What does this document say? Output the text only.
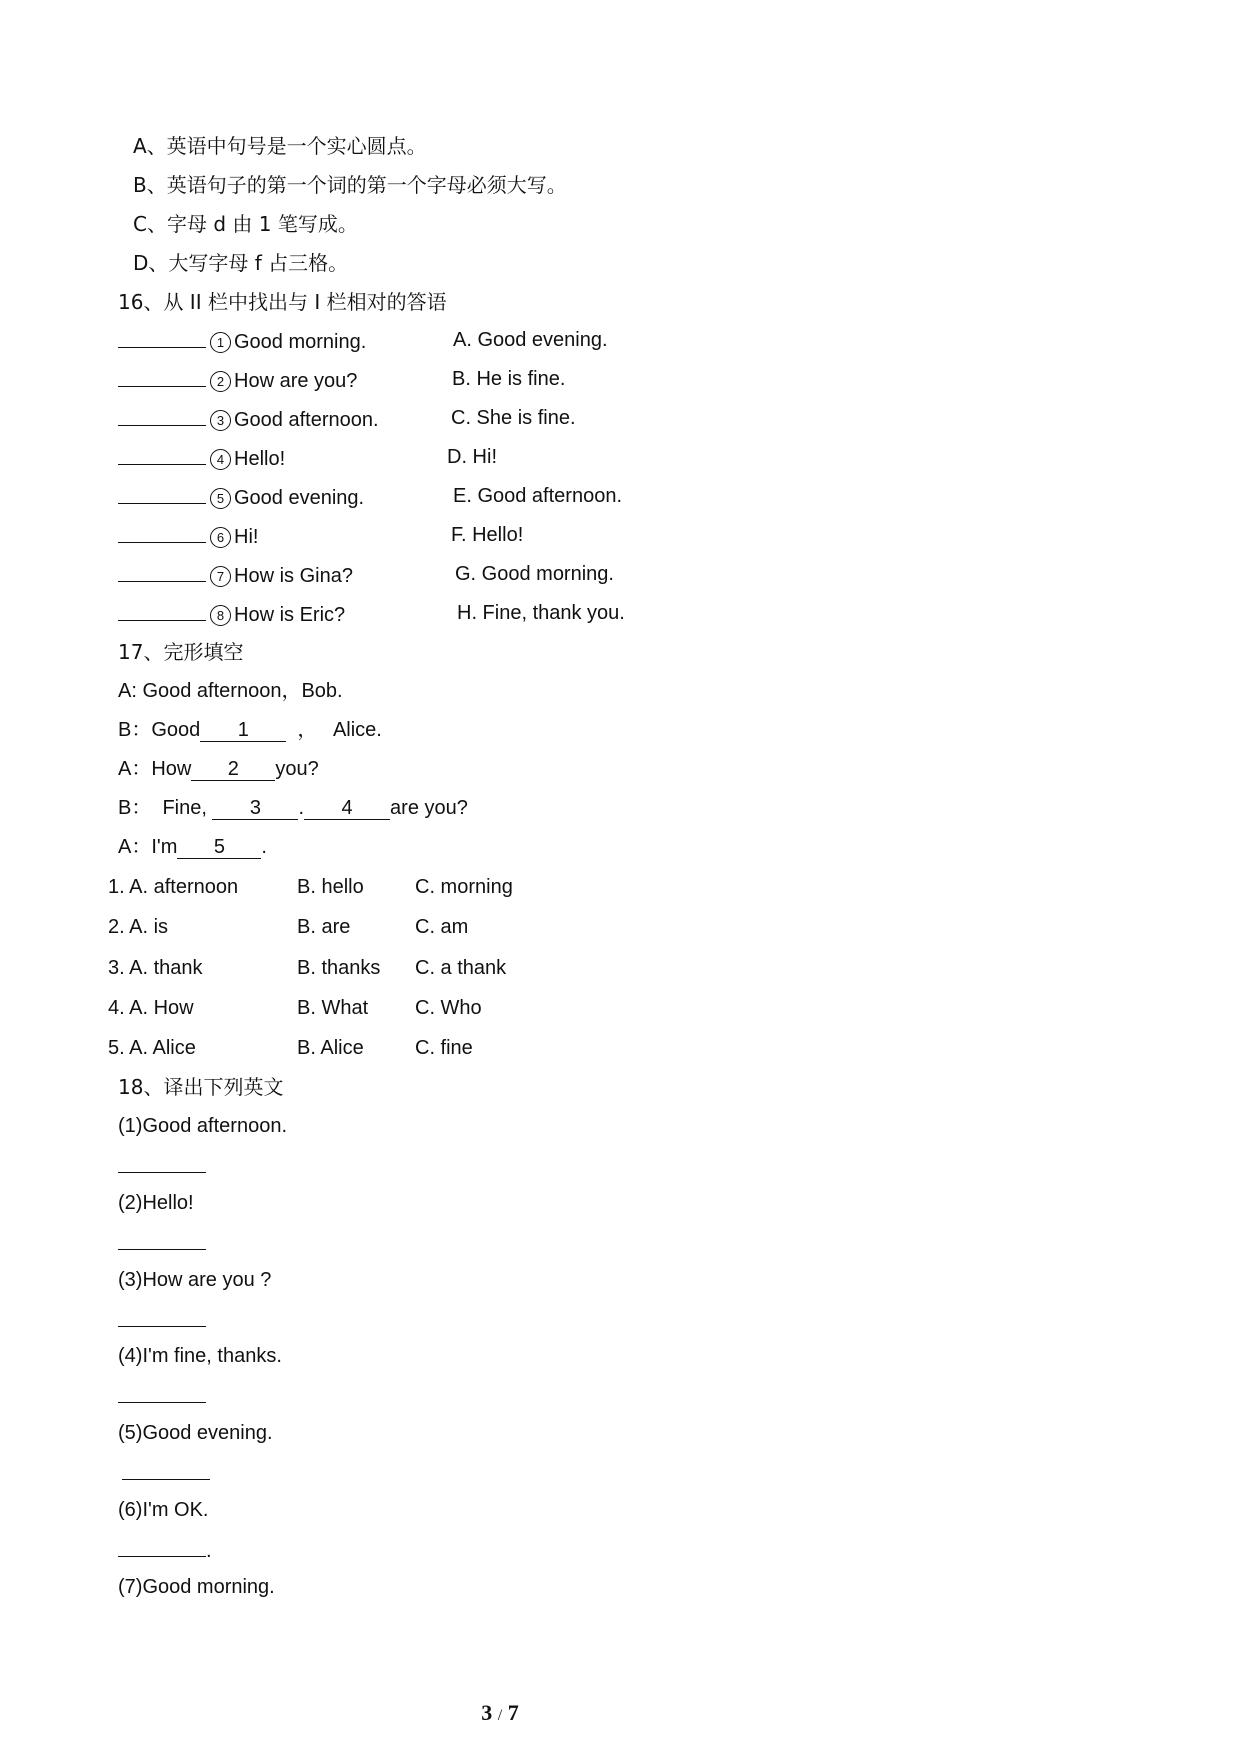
A、英语中句号是一个实心圆点。
B、英语句子的第一个词的第一个字母必须大写。
C、字母 d 由 1 笔写成。
D、大写字母 f 占三格。
16、从 II 栏中找出与 I 栏相对的答语
1 Good morning.	A. Good evening.
2 How are you?	B. He is fine.
3 Good afternoon.	C. She is fine.
4 Hello!	D. Hi!
5 Good evening.	E. Good afternoon.
6 Hi!	F. Hello!
7 How is Gina?	G. Good morning.
8 How is Eric?	H. Fine, thank you.
17、完形填空
A: Good afternoon，Bob.
B：Good 1 ，   Alice.
A：How 2 you?
B：  Fine, 3 . 4 are you?
A：I'm 5 .
1. A. afternoon	B. hello	C. morning
2. A. is	B. are	C. am
3. A. thank	B. thanks C. a thank
4. A. How	B. What C. Who
5. A. Alice	B. Alice	C. fine
18、译出下列英文
(1)Good afternoon.
(2)Hello!
(3)How are you ?
(4)I'm fine, thanks.
(5)Good evening.
(6)I'm OK.
.
(7)Good morning.
3 / 7
